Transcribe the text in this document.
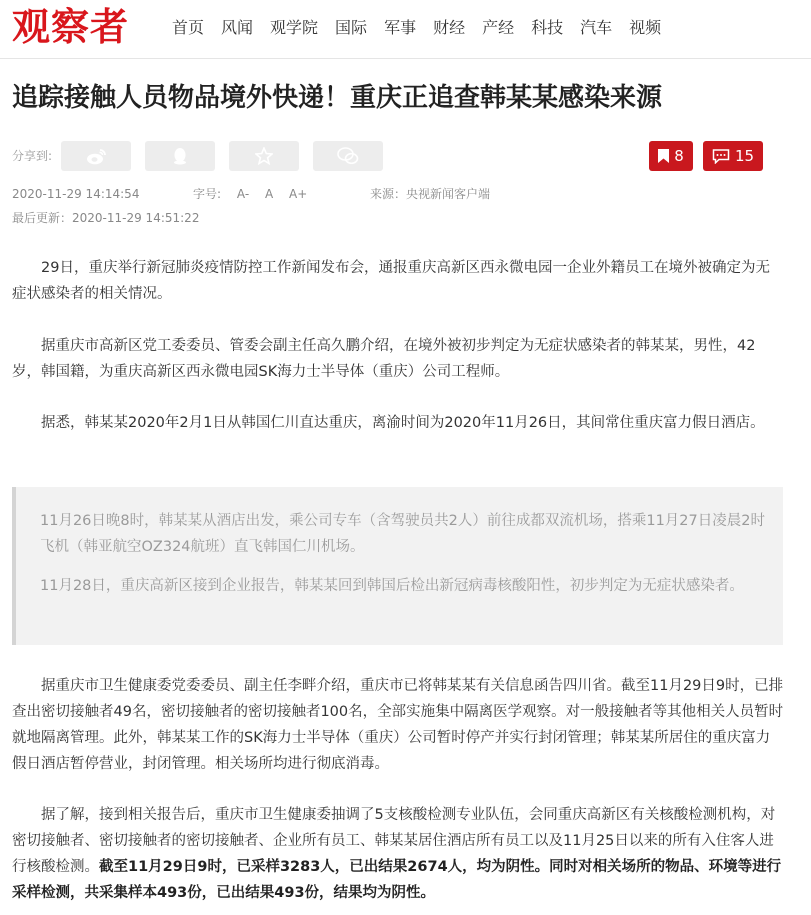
观察者	首页 风闻 观学院 国际 军事 财经 产经 科技 汽车 视频
追踪接触人员物品境外快递！重庆正追查韩某某感染来源
分享到:	8	15
2020-11-29 14:14:54	字号: A- A A+	来源：央视新闻客户端
最后更新：2020-11-29 14:51:22

29日，重庆举行新冠肺炎疫情防控工作新闻发布会，通报重庆高新区西永微电园一企业外籍员工在境外被确定为无症状感染者的相关情况。

据重庆市高新区党工委委员、管委会副主任高久鹏介绍，在境外被初步判定为无症状感染者的韩某某，男性，42岁，韩国籍，为重庆高新区西永微电园SK海力士半导体（重庆）公司工程师。

据悉，韩某某2020年2月1日从韩国仁川直达重庆，离渝时间为2020年11月26日，其间常住重庆富力假日酒店。

11月26日晚8时，韩某某从酒店出发，乘公司专车（含驾驶员共2人）前往成都双流机场，搭乘11月27日凌晨2时飞机（韩亚航空OZ324航班）直飞韩国仁川机场。

11月28日，重庆高新区接到企业报告，韩某某回到韩国后检出新冠病毒核酸阳性，初步判定为无症状感染者。

据重庆市卫生健康委党委委员、副主任李畔介绍，重庆市已将韩某某有关信息函告四川省。截至11月29日9时，已排查出密切接触者49名，密切接触者的密切接触者100名，全部实施集中隔离医学观察。对一般接触者等其他相关人员暂时就地隔离管理。此外，韩某某工作的SK海力士半导体（重庆）公司暂时停产并实行封闭管理；韩某某所居住的重庆富力假日酒店暂停营业，封闭管理。相关场所均进行彻底消毒。

据了解，接到相关报告后，重庆市卫生健康委抽调了5支核酸检测专业队伍，会同重庆高新区有关核酸检测机构，对密切接触者、密切接触者的密切接触者、企业所有员工、韩某某居住酒店所有员工以及11月25日以来的所有入住客人进行核酸检测。截至11月29日9时，已采样3283人，已出结果2674人，均为阴性。同时对相关场所的物品、环境等进行采样检测，共采集样本493份，已出结果493份，结果均为阴性。
